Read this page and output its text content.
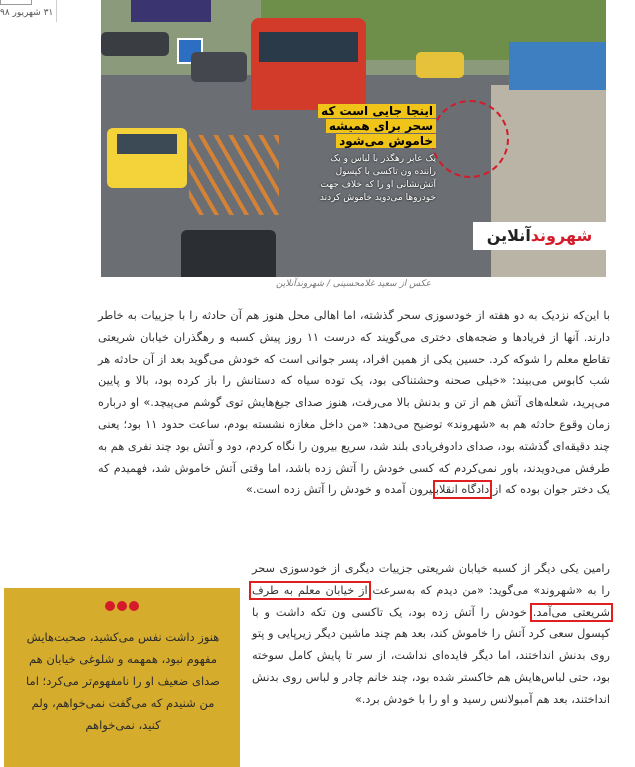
۳۱ شهریور ۹۸
اینجا جایی است که
سحر برای همیشه
خاموش می‌شود
یک عابر رهگذر با لباس و یک راننده ون تاکسی با کپسول آتش‌نشانی او را که خلاف جهت خودروها می‌دوید خاموش کردند
شهروندآنلاین
عکس از سعید غلامحسینی / شهروندآنلاین

با این‌که نزدیک به دو هفته از خودسوزی سحر گذشته، اما اهالی محل هنوز هم آن حادثه را با جزییات به خاطر دارند. آنها از فریادها و ضجه‌های دختری می‌گویند که درست ۱۱ روز پیش کسبه و رهگذران خیابان شریعتی تقاطع معلم را شوکه کرد. حسین یکی از همین افراد، پسر جوانی است که خودش می‌گوید بعد از آن حادثه هر شب کابوس می‌بیند: «خیلی صحنه وحشتناکی بود، یک توده سیاه که دستانش را باز کرده بود، بالا و پایین می‌پرید، شعله‌های آتش هم از تن و بدنش بالا می‌رفت، هنوز صدای جیغ‌هایش توی گوشم می‌پیچد.» او درباره زمان وقوع حادثه هم به «شهروند» توضیح می‌دهد: «من داخل مغازه نشسته بودم، ساعت حدود ۱۱ بود؛ یعنی چند دقیقه‌ای گذشته بود، صدای دادوفریادی بلند شد، سریع بیرون را نگاه کردم، دود و آتش بود چند نفری هم به طرفش می‌دویدند، باور نمی‌کردم که کسی خودش را آتش زده باشد، اما وقتی آتش خاموش شد، فهمیدم که یک دختر جوان بوده که از دادگاه انقلاببیرون آمده و خودش را آتش زده است.»

رامین یکی دیگر از کسبه خیابان شریعتی جزییات دیگری از خودسوزی سحر را به «شهروند» می‌گوید: «من دیدم که به‌سرعت از خیابان معلم به طرف شریعتی می‌آمد. خودش را آتش زده بود، یک تاکسی ون تکه داشت و با کپسول سعی کرد آتش را خاموش کند، بعد هم چند ماشین دیگر زیرپایی و پتو روی بدنش انداختند، اما دیگر فایده‌ای نداشت، از سر تا پایش کامل سوخته بود، حتی لباس‌هایش هم خاکستر شده بود، چند خانم چادر و لباس روی بدنش انداختند، بعد هم آمبولانس رسید و او را با خودش برد.»

هنوز داشت نفس می‌کشید، صحبت‌هایش مفهوم نبود، همهمه و شلوغی خیابان هم صدای ضعیف او را نامفهوم‌تر می‌کرد؛ اما من شنیدم که می‌گفت نمی‌خواهم، ولم کنید، نمی‌خواهم
